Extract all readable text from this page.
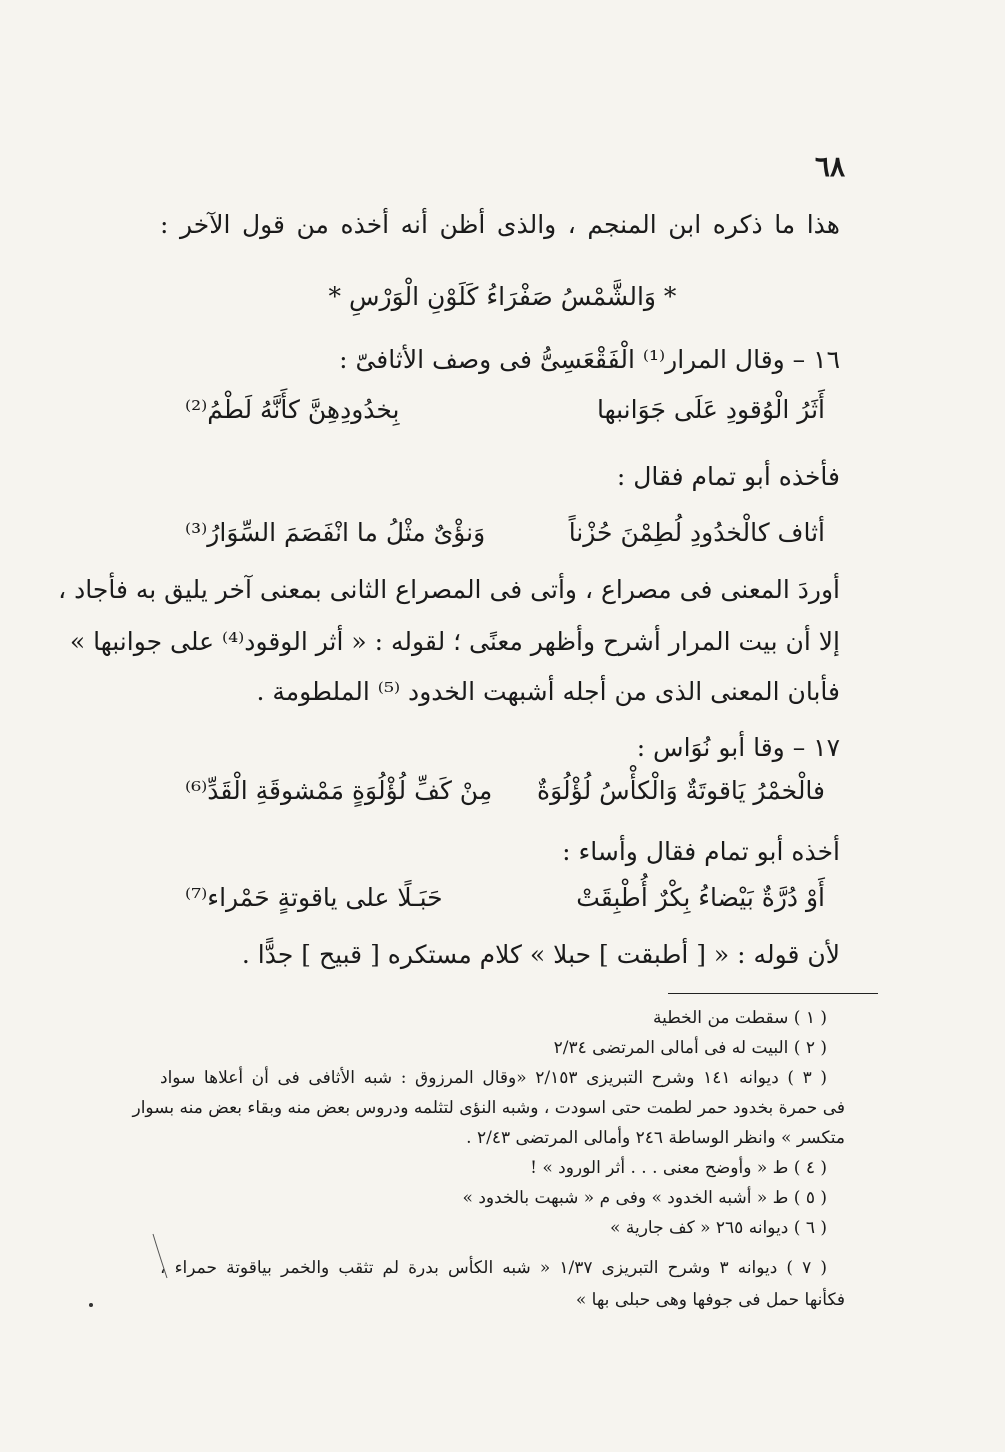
٦٨
هذا ما ذكره ابن المنجم ، والذى أظن أنه أخذه من قول الآخر :
* وَالشَّمْسُ صَفْرَاءُ كَلَوْنِ الْوَرْسِ *
١٦ – وقال المرار⁽¹⁾ الْفَقْعَسِىُّ فى وصف الأثافىّ :
أَثَرُ الْوُقودِ عَلَى جَوَانبها
بِخدُودِهِنَّ كأَنَّهُ لَطْمُ⁽²⁾
فأخذه أبو تمام فقال :
أثاف كالْخدُودِ لُطِمْنَ حُزْناً
وَنؤْىٌ مثْلُ ما انْفَصَمَ السِّوَارُ⁽³⁾
أوردَ المعنى فى مصراع ، وأتى فى المصراع الثانى بمعنى آخر يليق به فأجاد ،
إلا أن بيت المرار أشرح وأظهر معنًى ؛ لقوله : « أثر الوقود⁽⁴⁾ على جوانبها »
فأبان المعنى الذى من أجله أشبهت الخدود ⁽⁵⁾ الملطومة .
١٧ – وقا أبو نُوَاس :
فالْخمْرُ يَاقوتَةٌ وَالْكأْسُ لُؤْلُوَةٌ
مِنْ كَفِّ لُؤْلُوَةٍ مَمْشوقَةِ الْقَدِّ⁽⁶⁾
أخذه أبو تمام فقال وأساء :
أَوْ دُرَّةٌ بَيْضاءُ بِكْرٌ أُطْبِقَتْ
حَبَـلًا على ياقوتةٍ حَمْراء⁽⁷⁾
لأن قوله : « [ أطبقت ] حبلا » كلام مستكره [ قبيح ] جدًّا .
( ١ ) سقطت من الخطية
( ٢ ) البيت له فى أمالى المرتضى ٢/٣٤
( ٣ ) ديوانه ١٤١ وشرح التبريزى ٢/١٥٣ «وقال المرزوق : شبه الأثافى فى أن أعلاها سواد
فى حمرة بخدود حمر لطمت حتى اسودت ، وشبه النؤى لتثلمه ودروس بعض منه وبقاء بعض منه بسوار
متكسر » وانظر الوساطة ٢٤٦ وأمالى المرتضى ٢/٤٣ .
( ٤ ) ط « وأوضح معنى . . . أثر الورود » !
( ٥ ) ط « أشبه الخدود » وفى م « شبهت بالخدود »
( ٦ ) ديوانه ٢٦٥ « كف جارية »
( ٧ ) ديوانه ٣ وشرح التبريزى ١/٣٧ « شبه الكأس بدرة لم تثقب والخمر بياقوتة حمراء ،
فكأنها حمل فى جوفها وهى حبلى بها »
